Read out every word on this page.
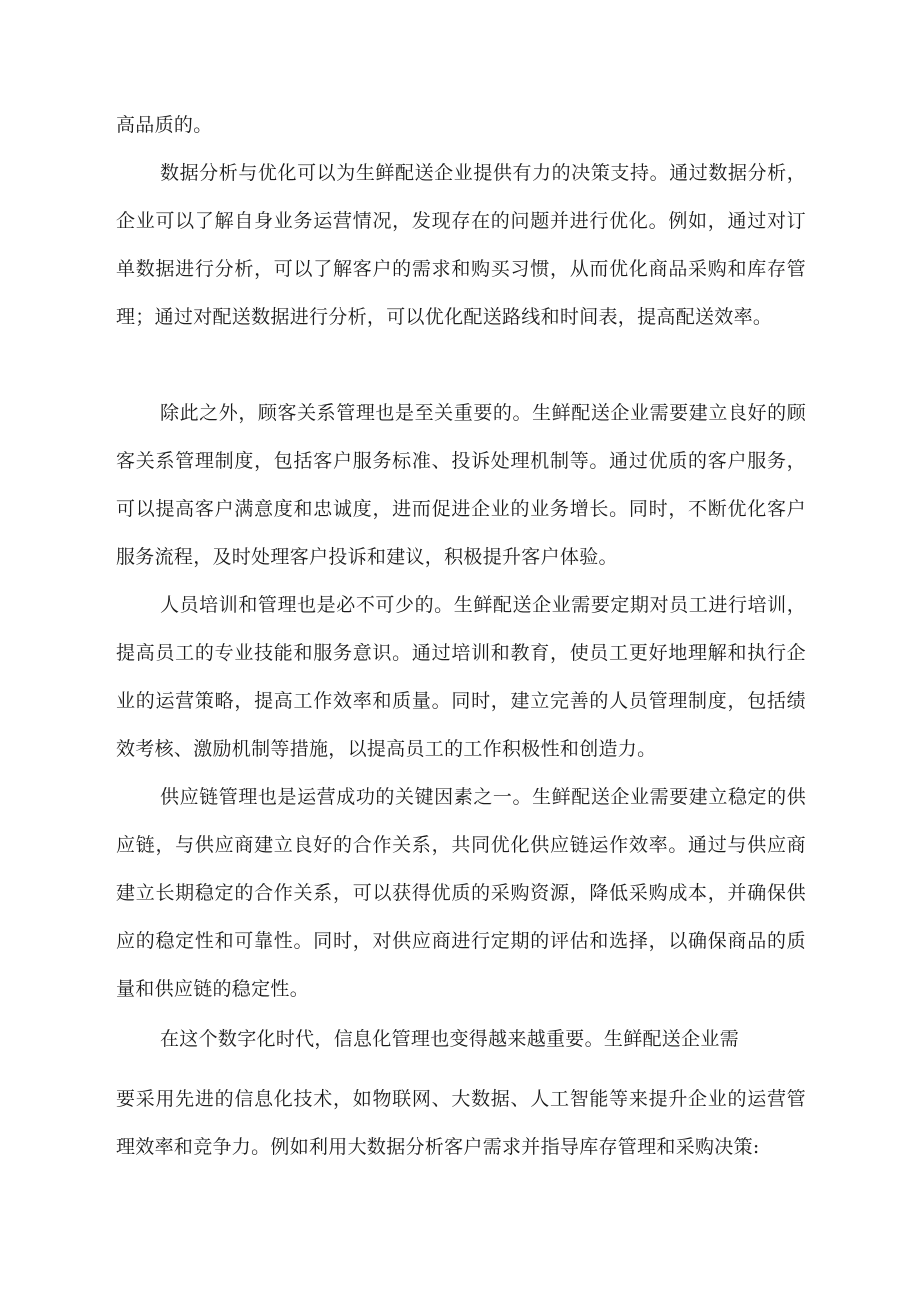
高品质的。

数据分析与优化可以为生鲜配送企业提供有力的决策支持。通过数据分析，企业可以了解自身业务运营情况，发现存在的问题并进行优化。例如，通过对订单数据进行分析，可以了解客户的需求和购买习惯，从而优化商品采购和库存管理；通过对配送数据进行分析，可以优化配送路线和时间表，提高配送效率。

除此之外，顾客关系管理也是至关重要的。生鲜配送企业需要建立良好的顾客关系管理制度，包括客户服务标准、投诉处理机制等。通过优质的客户服务，可以提高客户满意度和忠诚度，进而促进企业的业务增长。同时，不断优化客户服务流程，及时处理客户投诉和建议，积极提升客户体验。

人员培训和管理也是必不可少的。生鲜配送企业需要定期对员工进行培训，提高员工的专业技能和服务意识。通过培训和教育，使员工更好地理解和执行企业的运营策略，提高工作效率和质量。同时，建立完善的人员管理制度，包括绩效考核、激励机制等措施，以提高员工的工作积极性和创造力。

供应链管理也是运营成功的关键因素之一。生鲜配送企业需要建立稳定的供应链，与供应商建立良好的合作关系，共同优化供应链运作效率。通过与供应商建立长期稳定的合作关系，可以获得优质的采购资源，降低采购成本，并确保供应的稳定性和可靠性。同时，对供应商进行定期的评估和选择，以确保商品的质量和供应链的稳定性。

在这个数字化时代，信息化管理也变得越来越重要。生鲜配送企业需

要采用先进的信息化技术，如物联网、大数据、人工智能等来提升企业的运营管理效率和竞争力。例如利用大数据分析客户需求并指导库存管理和采购决策:
